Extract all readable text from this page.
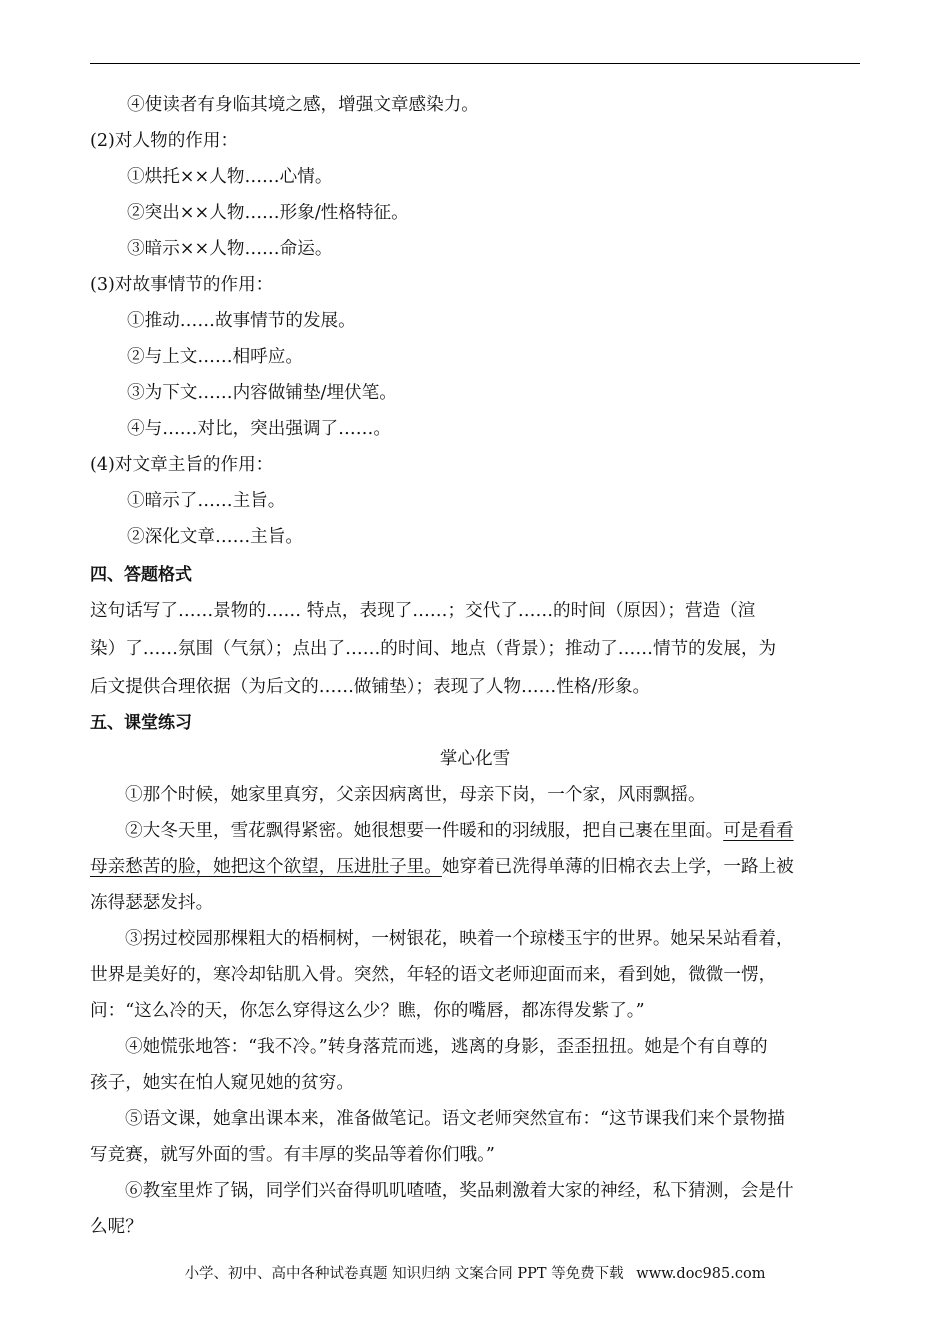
④使读者有身临其境之感，增强文章感染力。
(2)对人物的作用：
①烘托××人物……心情。
②突出××人物……形象/性格特征。
③暗示××人物……命运。
(3)对故事情节的作用：
①推动……故事情节的发展。
②与上文……相呼应。
③为下文……内容做铺垫/埋伏笔。
④与……对比，突出强调了……。
(4)对文章主旨的作用：
①暗示了……主旨。
②深化文章……主旨。
四、答题格式
这句话写了……景物的…… 特点，表现了……；交代了……的时间（原因）；营造（渲
染）了……氛围（气氛）；点出了……的时间、地点（背景）；推动了……情节的发展，为
后文提供合理依据（为后文的……做铺垫）；表现了人物……性格/形象。
五、课堂练习
掌心化雪
①那个时候，她家里真穷，父亲因病离世，母亲下岗，一个家，风雨飘摇。
②大冬天里，雪花飘得紧密。她很想要一件暖和的羽绒服，把自己裹在里面。可是看看
母亲愁苦的脸，她把这个欲望，压进肚子里。她穿着已洗得单薄的旧棉衣去上学，一路上被
冻得瑟瑟发抖。
③拐过校园那棵粗大的梧桐树，一树银花，映着一个琼楼玉宇的世界。她呆呆站看着，
世界是美好的，寒冷却钻肌入骨。突然，年轻的语文老师迎面而来，看到她，微微一愣，
问：“这么冷的天，你怎么穿得这么少？瞧，你的嘴唇，都冻得发紫了。”
④她慌张地答：“我不冷。”转身落荒而逃，逃离的身影，歪歪扭扭。她是个有自尊的
孩子，她实在怕人窥见她的贫穷。
⑤语文课，她拿出课本来，准备做笔记。语文老师突然宣布：“这节课我们来个景物描
写竞赛，就写外面的雪。有丰厚的奖品等着你们哦。”
⑥教室里炸了锅，同学们兴奋得叽叽喳喳，奖品刺激着大家的神经，私下猜测，会是什
么呢？
小学、初中、高中各种试卷真题 知识归纳 文案合同 PPT 等免费下载 www.doc985.com
